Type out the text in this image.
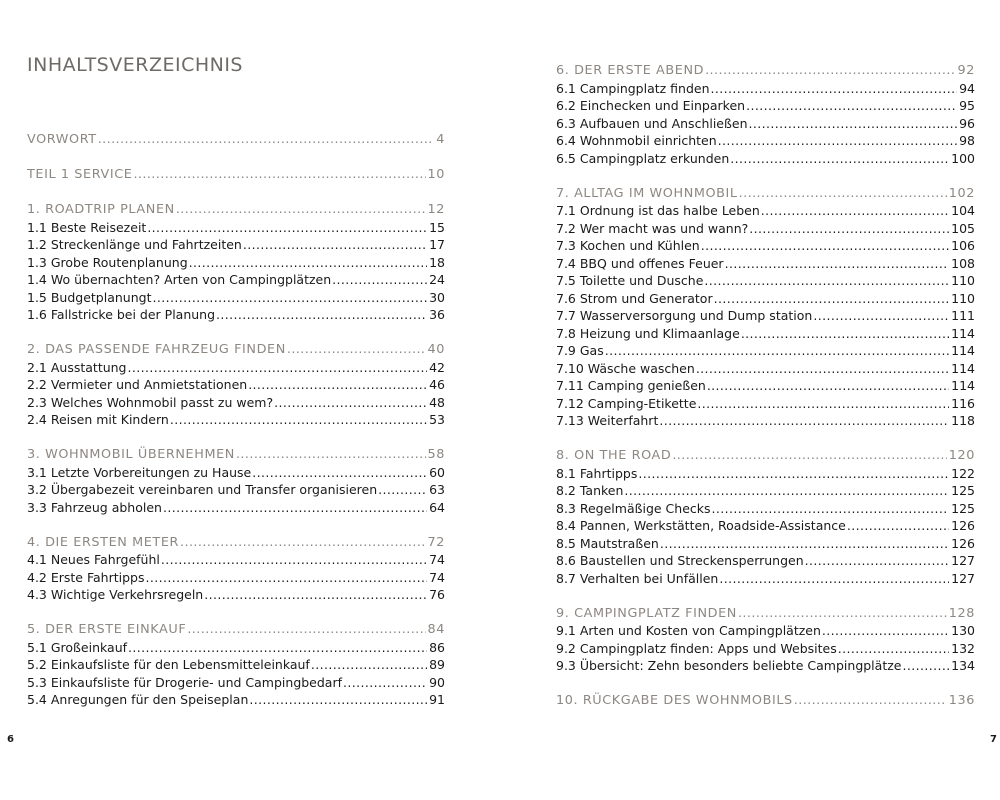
INHALTSVERZEICHNIS
VORWORT .....	4
TEIL 1 SERVICE .....	10
1. ROADTRIP PLANEN .....	12
1.1 Beste Reisezeit .....	15
1.2 Streckenlänge und Fahrtzeiten .....	17
1.3 Grobe Routenplanung .....	18
1.4 Wo übernachten? Arten von Campingplätzen .....	24
1.5 Budgetplanungt .....	30
1.6 Fallstricke bei der Planung .....	36
2. DAS PASSENDE FAHRZEUG FINDEN .....	40
2.1 Ausstattung .....	42
2.2 Vermieter und Anmietstationen .....	46
2.3 Welches Wohnmobil passt zu wem? .....	48
2.4 Reisen mit Kindern .....	53
3. WOHNMOBIL ÜBERNEHMEN .....	58
3.1 Letzte Vorbereitungen zu Hause .....	60
3.2 Übergabezeit vereinbaren und Transfer organisieren .....	63
3.3 Fahrzeug abholen .....	64
4. DIE ERSTEN METER .....	72
4.1 Neues Fahrgefühl .....	74
4.2 Erste Fahrtipps .....	74
4.3 Wichtige Verkehrsregeln .....	76
5. DER ERSTE EINKAUF .....	84
5.1 Großeinkauf .....	86
5.2 Einkaufsliste für den Lebensmitteleinkauf .....	89
5.3 Einkaufsliste für Drogerie- und Campingbedarf .....	90
5.4 Anregungen für den Speiseplan .....	91
6. DER ERSTE ABEND .....	92
6.1 Campingplatz finden .....	94
6.2 Einchecken und Einparken .....	95
6.3 Aufbauen und Anschließen .....	96
6.4 Wohnmobil einrichten .....	98
6.5 Campingplatz erkunden .....	100
7. ALLTAG IM WOHNMOBIL .....	102
7.1 Ordnung ist das halbe Leben .....	104
7.2 Wer macht was und wann? .....	105
7.3 Kochen und Kühlen .....	106
7.4 BBQ und offenes Feuer .....	108
7.5 Toilette und Dusche .....	110
7.6 Strom und Generator .....	110
7.7 Wasserversorgung und Dump station .....	111
7.8 Heizung und Klimaanlage .....	114
7.9 Gas .....	114
7.10 Wäsche waschen .....	114
7.11 Camping genießen .....	114
7.12 Camping-Etikette .....	116
7.13 Weiterfahrt .....	118
8. ON THE ROAD .....	120
8.1 Fahrtipps .....	122
8.2 Tanken .....	125
8.3 Regelmäßige Checks .....	125
8.4 Pannen, Werkstätten, Roadside-Assistance .....	126
8.5 Mautstraßen .....	126
8.6 Baustellen und Streckensperrungen .....	127
8.7 Verhalten bei Unfällen .....	127
9. CAMPINGPLATZ FINDEN .....	128
9.1 Arten und Kosten von Campingplätzen .....	130
9.2 Campingplatz finden: Apps und Websites .....	132
9.3 Übersicht: Zehn besonders beliebte Campingplätze .....	134
10. RÜCKGABE DES WOHNMOBILS .....	136
6	7
